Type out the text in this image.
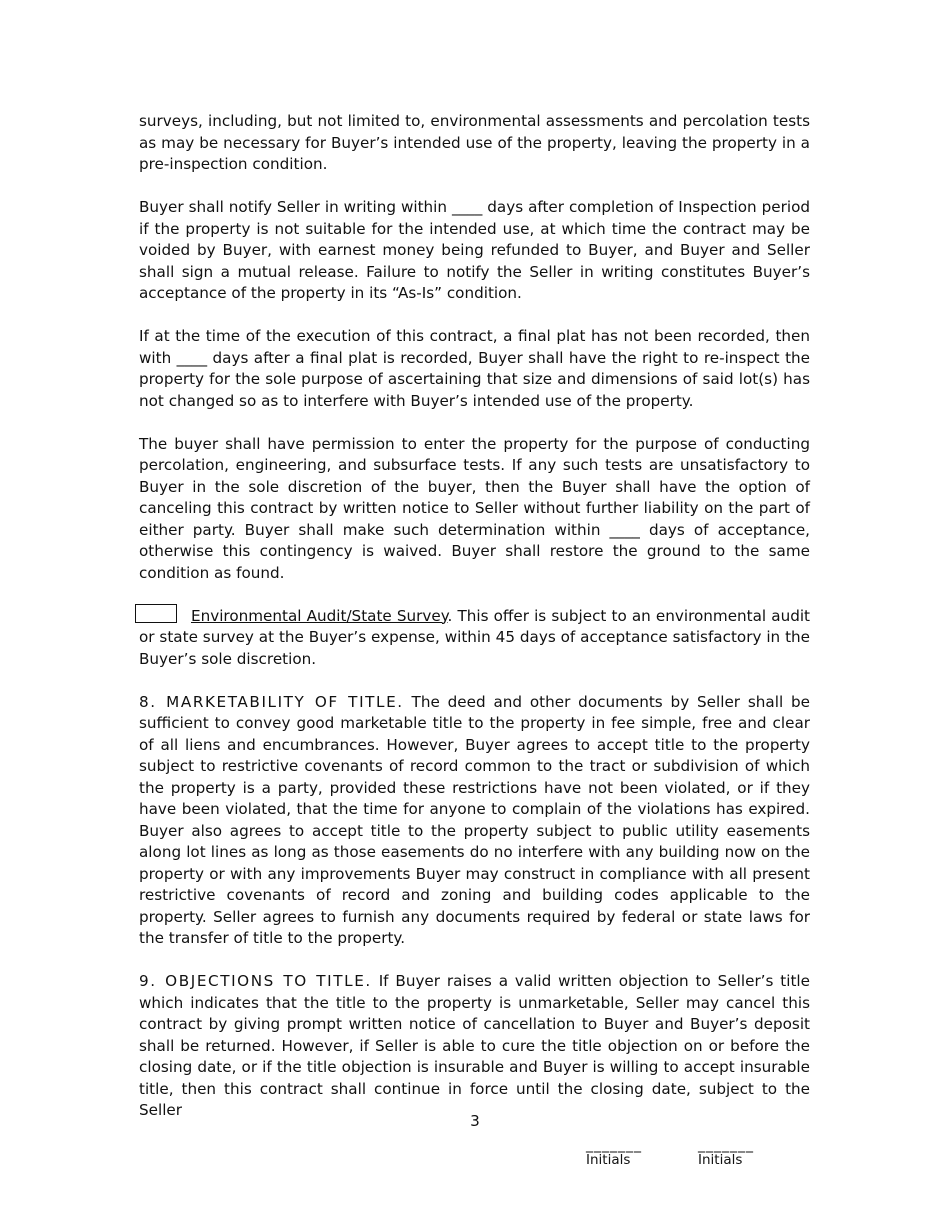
surveys, including, but not limited to, environmental assessments and percolation tests as may be necessary for Buyer’s intended use of the property, leaving the property in a pre-inspection condition.

Buyer shall notify Seller in writing within ____ days after completion of Inspection period if the property is not suitable for the intended use, at which time the contract may be voided by Buyer, with earnest money being refunded to Buyer, and Buyer and Seller shall sign a mutual release. Failure to notify the Seller in writing constitutes Buyer’s acceptance of the property in its “As-Is” condition.

If at the time of the execution of this contract, a final plat has not been recorded, then with ____ days after a final plat is recorded, Buyer shall have the right to re-inspect the property for the sole purpose of ascertaining that size and dimensions of said lot(s) has not changed so as to interfere with Buyer’s intended use of the property.

The buyer shall have permission to enter the property for the purpose of conducting percolation, engineering, and subsurface tests. If any such tests are unsatisfactory to Buyer in the sole discretion of the buyer, then the Buyer shall have the option of canceling this contract by written notice to Seller without further liability on the part of either party. Buyer shall make such determination within ____ days of acceptance, otherwise this contingency is waived. Buyer shall restore the ground to the same condition as found.

Environmental Audit/State Survey. This offer is subject to an environmental audit or state survey at the Buyer’s expense, within 45 days of acceptance satisfactory in the Buyer’s sole discretion.

8. MARKETABILITY OF TITLE. The deed and other documents by Seller shall be sufficient to convey good marketable title to the property in fee simple, free and clear of all liens and encumbrances. However, Buyer agrees to accept title to the property subject to restrictive covenants of record common to the tract or subdivision of which the property is a party, provided these restrictions have not been violated, or if they have been violated, that the time for anyone to complain of the violations has expired. Buyer also agrees to accept title to the property subject to public utility easements along lot lines as long as those easements do no interfere with any building now on the property or with any improvements Buyer may construct in compliance with all present restrictive covenants of record and zoning and building codes applicable to the property. Seller agrees to furnish any documents required by federal or state laws for the transfer of title to the property.

9. OBJECTIONS TO TITLE. If Buyer raises a valid written objection to Seller’s title which indicates that the title to the property is unmarketable, Seller may cancel this contract by giving prompt written notice of cancellation to Buyer and Buyer’s deposit shall be returned. However, if Seller is able to cure the title objection on or before the closing date, or if the title objection is insurable and Buyer is willing to accept insurable title, then this contract shall continue in force until the closing date, subject to the Seller

3
_______
Initials
_______
Initials
